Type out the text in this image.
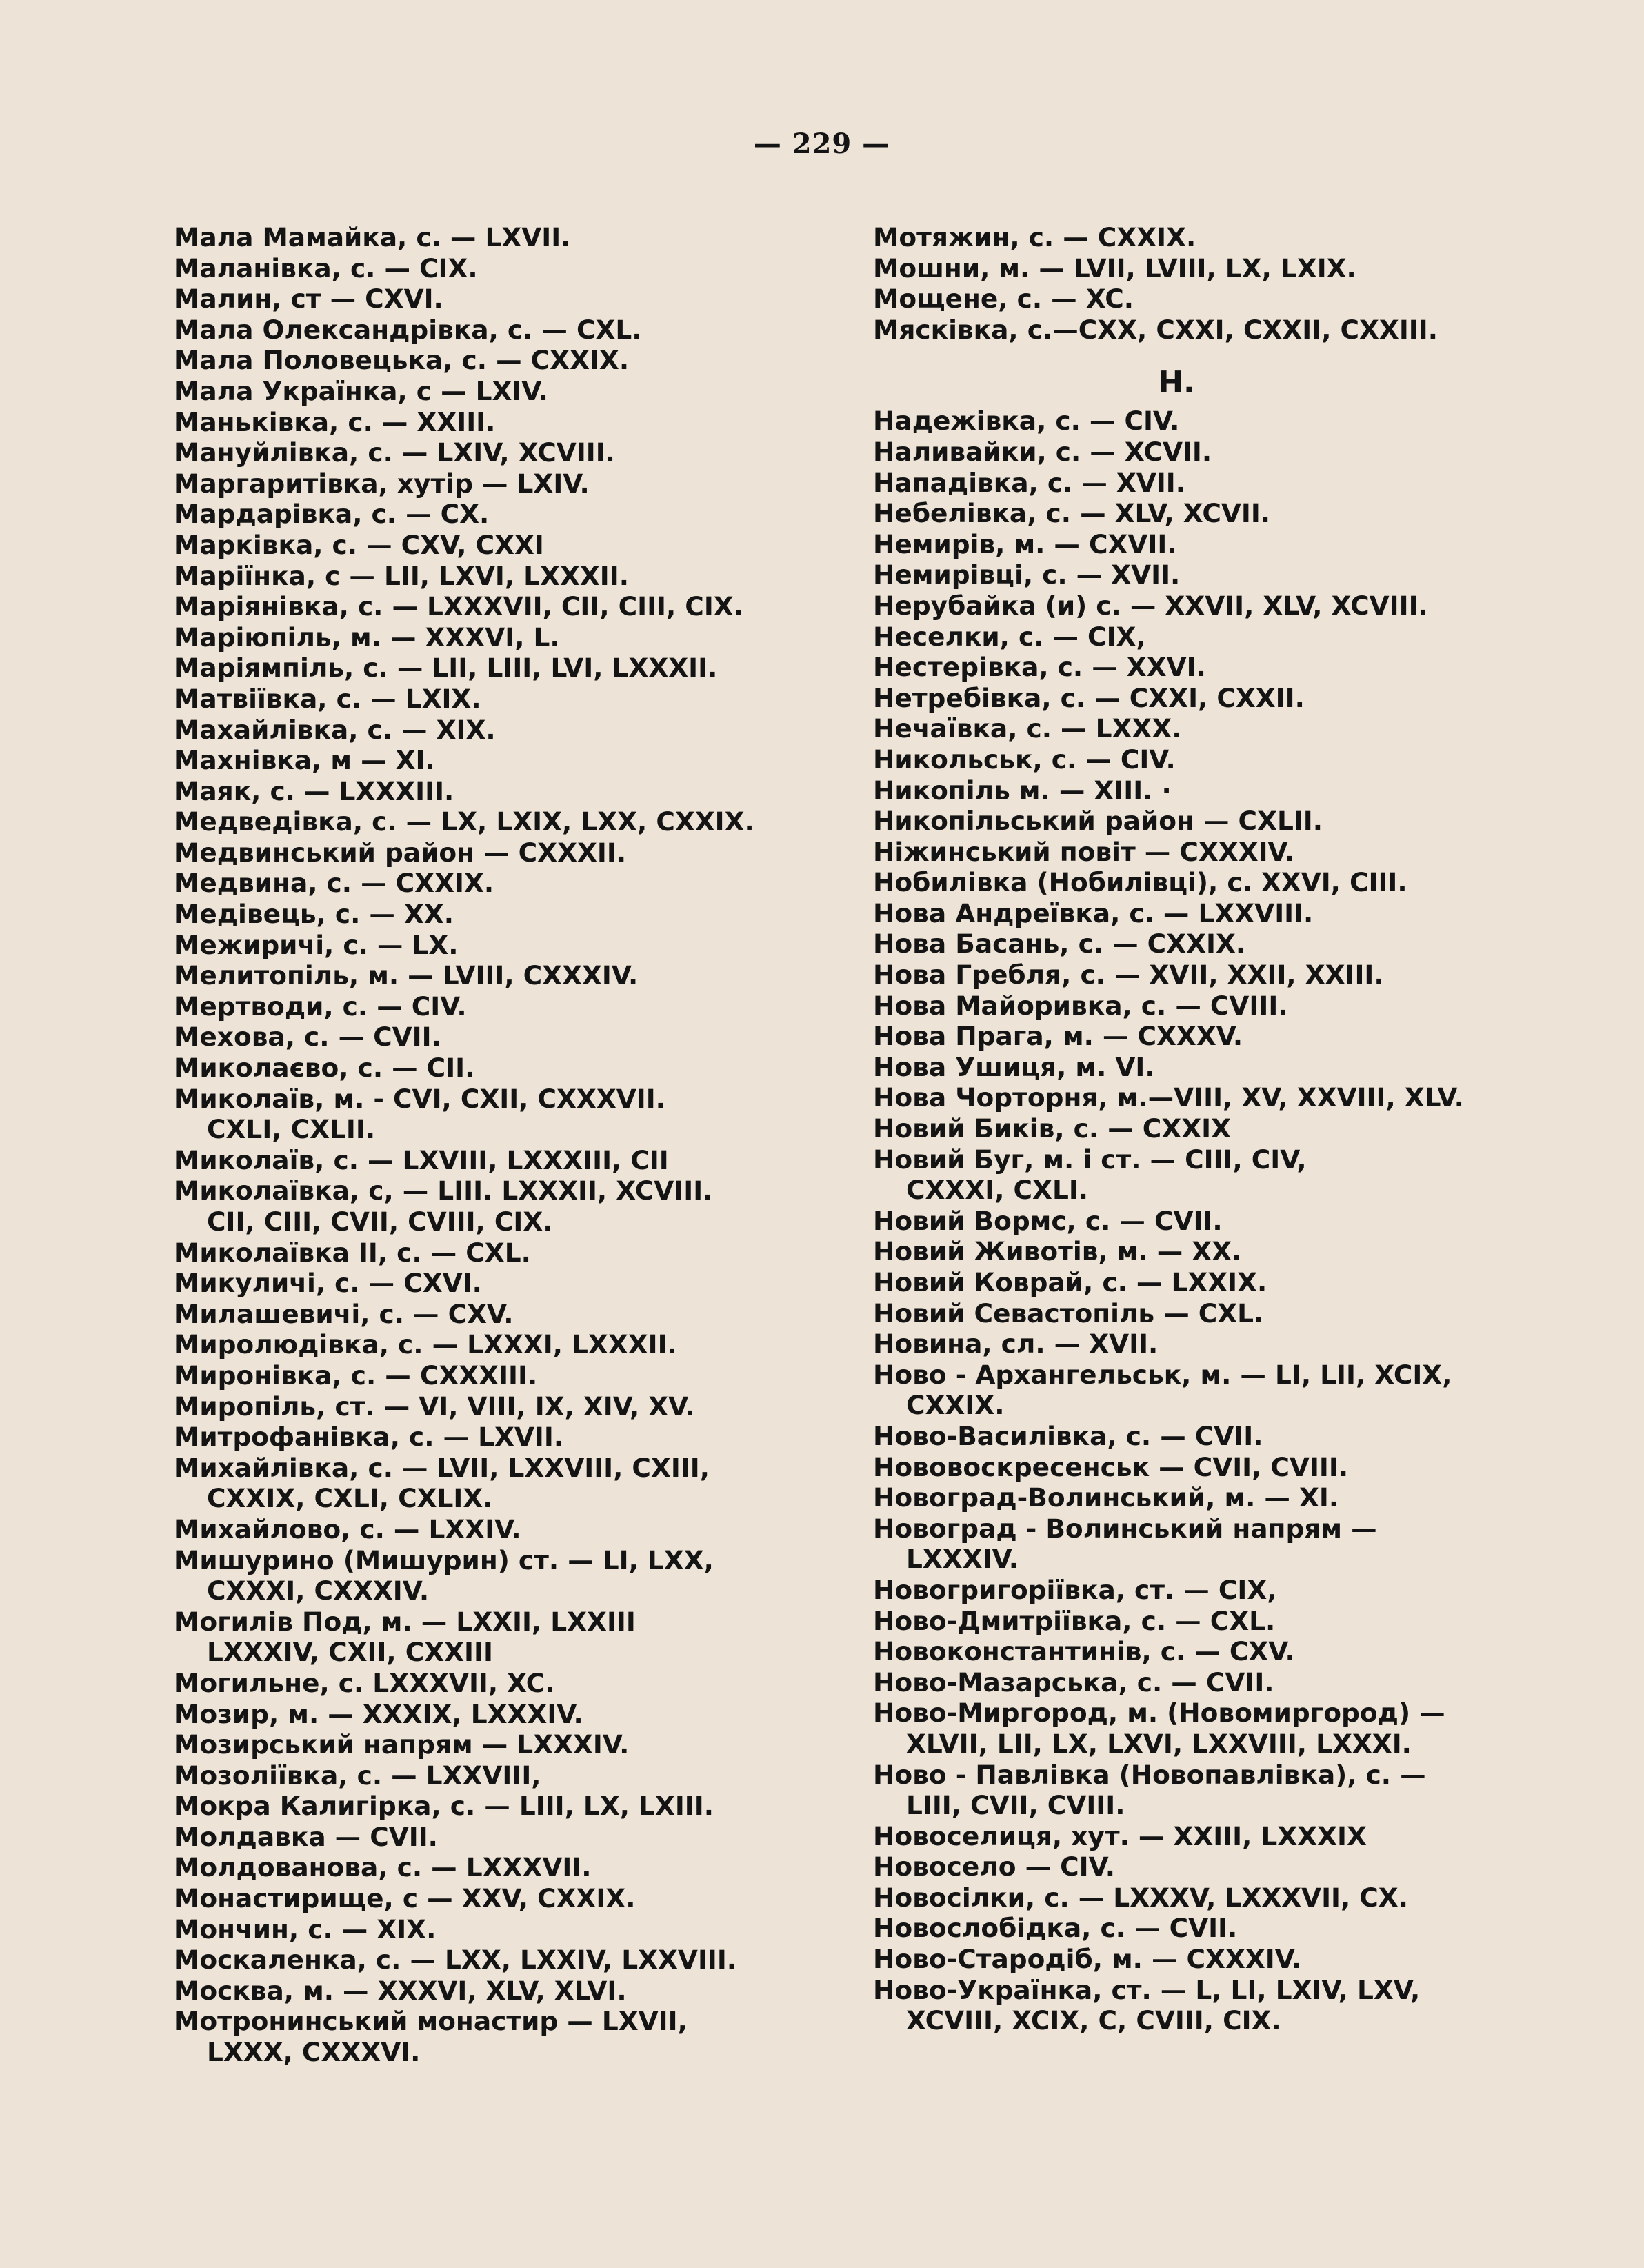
— 229 —
Мала Мамайка, с. — LXVII.
Маланівка, с. — CIX.
Малин, ст — CXVI.
Мала Олександрівка, с. — CXL.
Мала Половецька, с. — CXXIX.
Мала Українка, с — LXIV.
Маньківка, с. — XXIII.
Мануйлівка, с. — LXIV, XCVIII.
Маргаритівка, хутір — LXIV.
Мардарівка, с. — CX.
Марківка, с. — CXV, CXXI
Маріїнка, с — LII, LXVI, LXXXII.
Маріянівка, с. — LXXXVII, CII, CIII, CIX.
Маріюпіль, м. — XXXVI, L.
Маріямпіль, с. — LII, LIII, LVI, LXXXII.
Матвіївка, с. — LXIX.
Махайлівка, с. — XIX.
Махнівка, м — XI.
Маяк, с. — LXXXIII.
Медведівка, с. — LX, LXIX, LXX, CXXIX.
Медвинський район — CXXXII.
Медвина, с. — CXXIX.
Медівець, с. — XX.
Межиричі, с. — LX.
Мелитопіль, м. — LVIII, CXXXIV.
Мертводи, с. — CIV.
Мехова, с. — CVII.
Миколаєво, с. — CII.
Миколаїв, м. - CVI, CXII, CXXXVII.
CXLI, CXLII.
Миколаїв, с. — LXVIII, LXXXIII, CII
Миколаївка, с, — LIII. LXXXII, XCVIII.
CII, CIII, CVII, CVIII, CIX.
Миколаївка II, с. — CXL.
Микуличі, с. — CXVI.
Милашевичі, с. — CXV.
Миролюдівка, с. — LXXXI, LXXXII.
Миронівка, с. — CXXXIII.
Миропіль, ст. — VI, VIII, IX, XIV, XV.
Митрофанівка, с. — LXVII.
Михайлівка, с. — LVII, LXXVIII, CXIII,
CXXIX, CXLI, CXLIX.
Михайлово, с. — LXXIV.
Мишурино (Мишурин) ст. — LI, LXX,
CXXXI, CXXXIV.
Могилів Под, м. — LXXII, LXXIII
LXXXIV, CXII, CXXIII
Могильне, с. LXXXVII, XC.
Мозир, м. — XXXIX, LXXXIV.
Мозирський напрям — LXXXIV.
Мозоліївка, с. — LXXVIII,
Мокра Калигірка, с. — LIII, LX, LXIII.
Молдавка — CVII.
Молдованова, с. — LXXXVII.
Монастирище, с — XXV, CXXIX.
Мончин, с. — XIX.
Москаленка, с. — LXX, LXXIV, LXXVIII.
Москва, м. — XXXVI, XLV, XLVI.
Мотронинський монастир — LXVII,
LXXX, CXXXVI.
Мотяжин, с. — CXXIX.
Мошни, м. — LVII, LVIII, LX, LXIX.
Мощене, с. — XC.
Мясківка, с.—CXX, CXXI, CXXII, CXXIII.
Н.
Надежівка, с. — CIV.
Наливайки, с. — XCVII.
Нападівка, с. — XVII.
Небелівка, с. — XLV, XCVII.
Немирів, м. — CXVII.
Немирівці, с. — XVII.
Нерубайка (и) с. — XXVII, XLV, XCVIII.
Неселки, с. — CIX,
Нестерівка, с. — XXVI.
Нетребівка, с. — CXXI, CXXII.
Нечаївка, с. — LXXX.
Никольськ, с. — CIV.
Никопіль м. — XIII. ·
Никопільський район — CXLII.
Ніжинський повіт — CXXXIV.
Нобилівка (Нобилівці), с. XXVI, CIII.
Нова Андреївка, с. — LXXVIII.
Нова Басань, с. — CXXIX.
Нова Гребля, с. — XVII, XXII, XXIII.
Нова Майоривка, с. — CVIII.
Нова Прага, м. — CXXXV.
Нова Ушиця, м. VI.
Нова Чорторня, м.—VIII, XV, XXVIII, XLV.
Новий Биків, с. — CXXIX
Новий Буг, м. і ст. — CIII, CIV,
CXXXI, CXLI.
Новий Вормс, с. — CVII.
Новий Животів, м. — XX.
Новий Коврай, с. — LXXIX.
Новий Севастопіль — CXL.
Новина, сл. — XVII.
Ново - Архангельськ, м. — LI, LII, XCIX,
CXXIX.
Ново-Василівка, с. — CVII.
Нововоскресенськ — CVII, CVIII.
Новоград-Волинський, м. — XI.
Новоград - Волинський напрям —
LXXXIV.
Новогригоріївка, ст. — CIX,
Ново-Дмитріївка, с. — CXL.
Новоконстантинів, с. — CXV.
Ново-Мазарська, с. — CVII.
Ново-Миргород, м. (Новомиргород) —
XLVII, LII, LX, LXVI, LXXVIII, LXXXI.
Ново - Павлівка (Новопавлівка), с. —
LIII, CVII, CVIII.
Новоселиця, хут. — XXIII, LXXXIX
Новосело — CIV.
Новосілки, с. — LXXXV, LXXXVII, CX.
Новослобідка, с. — CVII.
Ново-Стародіб, м. — CXXXIV.
Ново-Українка, ст. — L, LI, LXIV, LXV,
XCVIII, XCIX, C, CVIII, CIX.
